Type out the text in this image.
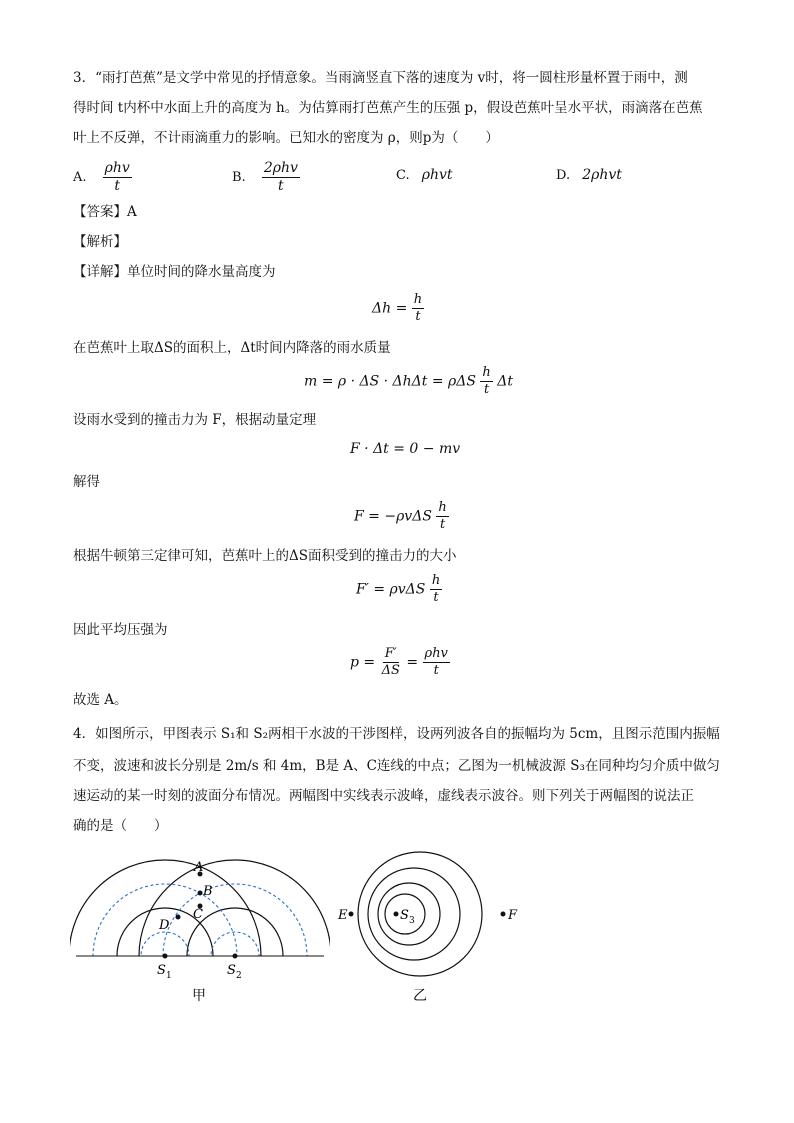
3．“雨打芭蕉”是文学中常见的抒情意象。当雨滴竖直下落的速度为 v时，将一圆柱形量杯置于雨中，测
得时间 t内杯中水面上升的高度为 h。为估算雨打芭蕉产生的压强 p，假设芭蕉叶呈水平状，雨滴落在芭蕉
叶上不反弹，不计雨滴重力的影响。已知水的密度为 ρ，则p为（　　）
A. $\frac{\text{ρhv}}{t}$	B. $\frac{\text{2ρhv}}{t}$	C. ρhvt	D. 2ρhvt
【答案】A
【解析】
【详解】单位时间的降水量高度为
$\Delta h = \frac{h}{t}$
在芭蕉叶上取ΔS的面积上，Δt时间内降落的雨水质量
m = ρ · ΔS · ΔhΔt = ρΔS $\frac{h}{t}$ Δt
设雨水受到的撞击力为 F，根据动量定理
F · Δt = 0 − mv
解得
$F = -\rho v\Delta S \frac{h}{t}$
根据牛顿第三定律可知，芭蕉叶上的ΔS面积受到的撞击力的大小
F′ = ρvΔS $\frac{h}{t}$
因此平均压强为
$p = \frac{F'}{\Delta S} = \frac{\text{ρhv}}{t}$
故选 A。
4．如图所示，甲图表示 S₁和 S₂两相干水波的干涉图样，设两列波各自的振幅均为 5cm，且图示范围内振幅
不变，波速和波长分别是 2m/s 和 4m，B是 A、C连线的中点；乙图为一机械波源 S₃在同种均匀介质中做匀
速运动的某一时刻的波面分布情况。两幅图中实线表示波峰，虚线表示波谷。则下列关于两幅图的说法正
确的是（　　）
A
B
C
D
S 1	S 2
甲
E	F
S 3
乙
